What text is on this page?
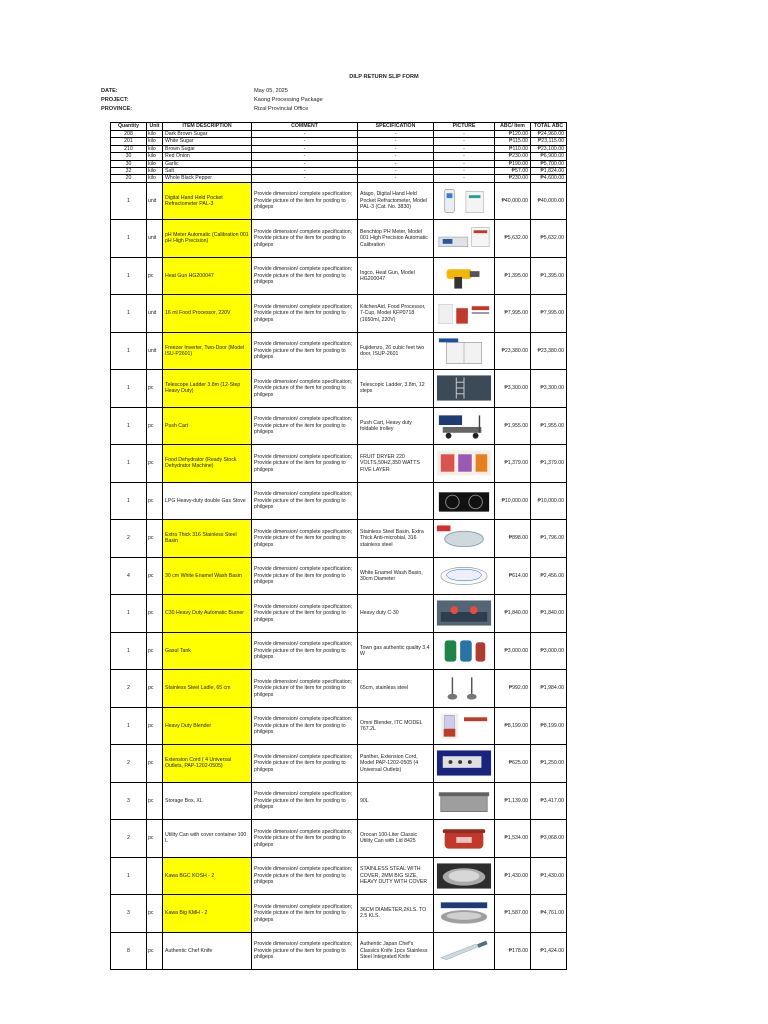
DILP RETURN SLIP FORM
DATE:	May 05, 2025
PROJECT:	Kaong Processing Package
PROVINCE:	Rizal Provincial Office
Quantity	Unit	ITEM DESCRIPTION	COMMENT	SPECIFICATION	PICTURE	ABC/ Item	TOTAL ABC
208	kilo	Dark Brown Sugar	-	-	-	₱120.00	₱24,960.00
201	kilo	White Sugar	-	-	-	₱115.00	₱23,115.00
210	kilo	Brown Sugar	-	-	-	₱110.00	₱23,100.00
30	kilo	Red Onion	-	-	-	₱230.00	₱6,900.00
30	kilo	Garlic	-	-	-	₱190.00	₱5,700.00
32	kilo	Salt	-	-	-	₱57.00	₱1,824.00
20	kilo	Whole Black Pepper	-	-	-	₱230.00	₱4,600.00
1	unit	Digital Hand Held Pocket Refractometer PAL-3	Provide dimension/ complete specification; Provide picture of the item for posting to philgeps	Atago, Digital Hand Held Pocket Refractometer, Model PAL-3 (Cat. No. 3830)		₱40,000.00	₱40,000.00
1	unit	pH Meter Automatic (Calibration 001 pH High Precision)	Provide dimension/ complete specification; Provide picture of the item for posting to philgeps	Benchtop PH Meter, Model 001 High Precision Automatic Calibration		₱5,632.00	₱5,632.00
1	pc	Heat Gun HG200047	Provide dimension/ complete specification; Provide picture of the item for posting to philgeps	Ingco, Heat Gun, Model HG200047		₱1,395.00	₱1,395.00
1	unit	16 ml Food Processor, 220V	Provide dimension/ complete specification; Provide picture of the item for posting to philgeps	KitchenAid, Food Processor, 7-Cup, Model KFP0718 (1650ml, 220V)		₱7,995.00	₱7,995.00
1	unit	Freezer Inverter, Two-Door (Model ISU-P2601)	Provide dimension/ complete specification; Provide picture of the item for posting to philgeps	Fujidenzo, 26 cubic feet two door, ISUP-2601		₱23,380.00	₱23,380.00
1	pc	Telescope Ladder 3.8m (12-Step Heavy Duty)	Provide dimension/ complete specification; Provide picture of the item for posting to philgeps	Telescopic Ladder, 3.8m, 12 steps		₱3,300.00	₱3,300.00
1	pc	Push Cart	Provide dimension/ complete specification; Provide picture of the item for posting to philgeps	Push Cart, Heavy duty foldable trolley		₱1,955.00	₱1,955.00
1	pc	Food Dehydrator (Ready Stock Dehydrator Machine)	Provide dimension/ complete specification; Provide picture of the item for posting to philgeps	FRUIT DRYER 220 VOLTS,50HZ,350 WATTS FIVE LAYER		₱1,379.00	₱1,379.00
1	pc	LPG Heavy-duty double Gas Stove	Provide dimension/ complete specification; Provide picture of the item for posting to philgeps			₱10,000.00	₱10,000.00
2	pc	Extra Thick 316 Stainless Steel Basin	Provide dimension/ complete specification; Provide picture of the item for posting to philgeps	Stainless Steel Basin, Extra Thick Anti-microbial, 316 stainless steel		₱898.00	₱1,796.00
4	pc	30 cm White Enamel Wash Basin	Provide dimension/ complete specification; Provide picture of the item for posting to philgeps	White Enamel Wash Basin, 30cm Diameter		₱614.00	₱2,456.00
1	pc	C30 Heavy Duty Automatic Burner	Provide dimension/ complete specification; Provide picture of the item for posting to philgeps	Heavy duty C-30		₱1,840.00	₱1,840.00
1	pc	Gasul Tank	Provide dimension/ complete specification; Provide picture of the item for posting to philgeps	Town gas authentic quality 3.4 W		₱3,000.00	₱3,000.00
2	pc	Stainless Steel Ladle, 65 cm	Provide dimension/ complete specification; Provide picture of the item for posting to philgeps	65cm, stainless steel		₱992.00	₱1,984.00
1	pc	Heavy Duty Blender	Provide dimension/ complete specification; Provide picture of the item for posting to philgeps	Omni Blender, ITC MODEL 767.2L		₱8,199.00	₱8,199.00
2	pc	Extension Cord ( 4 Universal Outlets, PAP-1202-0505)	Provide dimension/ complete specification; Provide picture of the item for posting to philgeps	Panther, Extension Cord, Model PAP-1202-0505 (4 Universal Outlets)		₱625.00	₱1,250.00
3	pc	Storage Box, XL	Provide dimension/ complete specification; Provide picture of the item for posting to philgeps	90L		₱1,139.00	₱3,417.00
2	pc	Utility Can with cover container 100 L	Provide dimension/ complete specification; Provide picture of the item for posting to philgeps	Orocan 100-Liter Classic Utility Can with Lid 8425		₱1,534.00	₱3,068.00
1		Kawa BGC KOSH - 2	Provide dimension/ complete specification; Provide picture of the item for posting to philgeps	STAINLESS STEAL WITH COVER, 2MM BIG SIZE, HEAVY DUTY WITH COVER		₱1,430.00	₱1,430.00
3	pc	Kawa Big KMH - 2	Provide dimension/ complete specification; Provide picture of the item for posting to philgeps	36CM DIAMETER,2KLS. TO 2.5 KLS.		₱1,587.00	₱4,761.00
8	pc	Authentic Chef Knife	Provide dimension/ complete specification; Provide picture of the item for posting to philgeps	Authentic Japan Chef's Classics Knife 1pcs Stainless Steel Integrated Knife		₱178.00	₱1,424.00
